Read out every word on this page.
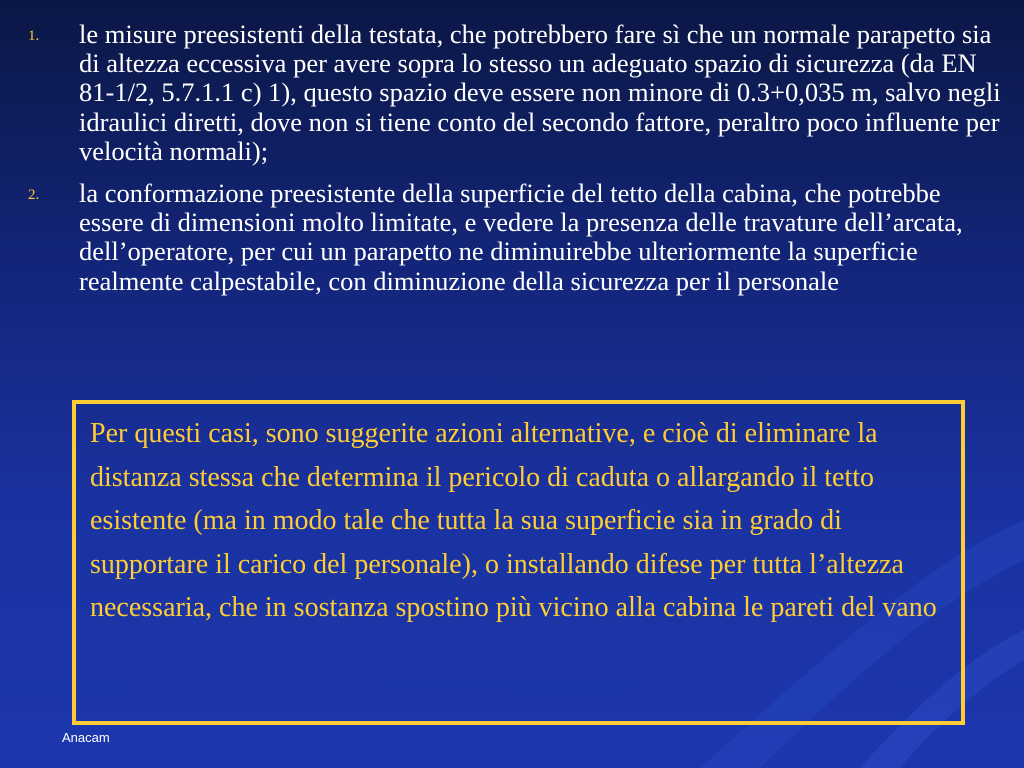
1. le misure preesistenti della testata, che potrebbero fare sì che un normale parapetto sia di altezza eccessiva per avere sopra lo stesso un adeguato spazio di sicurezza (da EN 81-1/2, 5.7.1.1 c) 1), questo spazio deve essere non minore di 0.3+0,035 m, salvo negli idraulici diretti, dove non si tiene conto del secondo fattore, peraltro poco influente per velocità normali);
2. la conformazione preesistente della superficie del tetto della cabina, che potrebbe essere di dimensioni molto limitate, e vedere la presenza delle travature dell’arcata, dell’operatore, per cui un parapetto ne diminuirebbe ulteriormente la superficie realmente calpestabile, con diminuzione della sicurezza per il personale

Per questi casi, sono suggerite azioni alternative, e cioè di eliminare la distanza stessa che determina il pericolo di caduta o allargando il tetto esistente (ma in modo tale che tutta la sua superficie sia in grado di supportare il carico del personale), o installando difese per tutta l’altezza necessaria, che in sostanza spostino più vicino alla cabina le pareti del vano

Anacam
